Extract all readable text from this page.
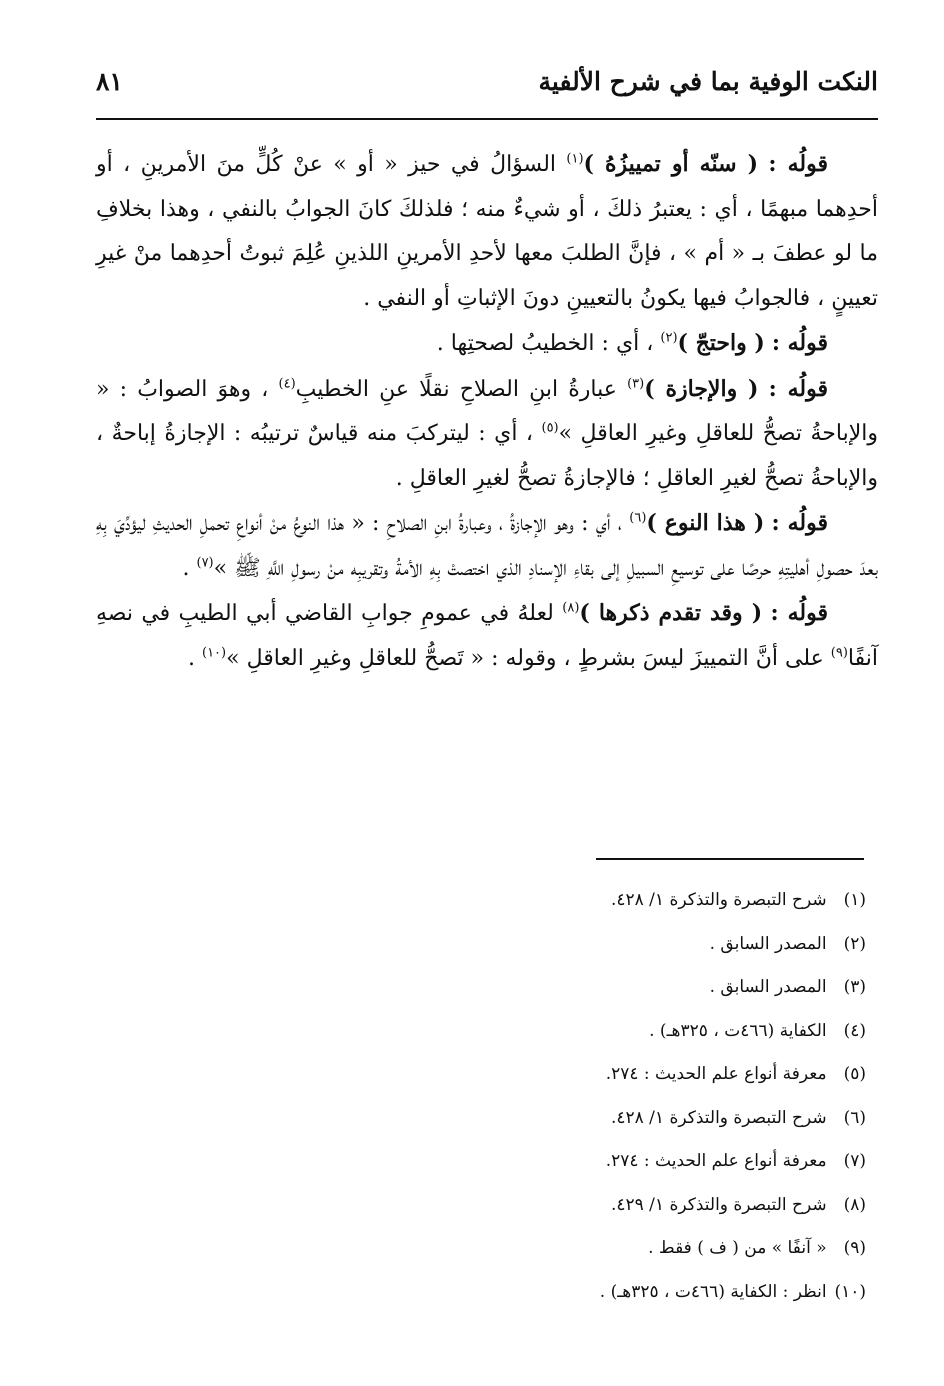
النكت الوفية بما في شرح الألفية
٨١

قولُه : ( سنّه أو تمييزُهُ )$^{(١)}$ السؤالُ في حيز « أو » عنْ كُلٍّ منَ الأمرينِ ، أو أحدِهما مبهمًا ، أي : يعتبرُ ذلكَ ، أو شيءٌ منه ؛ فلذلكَ كانَ الجوابُ بالنفي ، وهذا بخلافِ ما لو عطفَ بـ « أم » ، فإنَّ الطلبَ معها لأحدِ الأمرينِ اللذينِ عُلِمَ ثبوتُ أحدِهما منْ غيرِ تعيينٍ ، فالجوابُ فيها يكونُ بالتعيينِ دونَ الإثباتِ أو النفي .

قولُه : ( واحتجّ )$^{(٢)}$ ، أي : الخطيبُ لصحتِها .

قولُه : ( والإجازة )$^{(٣)}$ عبارةُ ابنِ الصلاحِ نقلًا عنِ الخطيبِ$^{(٤)}$ ، وهوَ الصوابُ : « والإباحةُ تصحُّ للعاقلِ وغيرِ العاقلِ »$^{(٥)}$ ، أي : ليتركبَ منه قياسٌ ترتيبُه : الإجازةُ إباحةٌ ، والإباحةُ تصحُّ لغيرِ العاقلِ ؛ فالإجازةُ تصحُّ لغيرِ العاقلِ .

قولُه : ( هذا النوع )$^{(٦)}$ ، أي : وهو الإجازةُ ، وعبارةُ ابنِ الصلاحِ : « هذا النوعُ منْ أنواعِ تحملِ الحديثِ ليؤدِّيَ بِهِ بعدَ حصولِ أهليتِهِ حرصًا على توسيعِ السبيلِ إلى بقاءِ الإسنادِ الذي اختصتْ بِهِ الأمةُ وتقريبِه منْ رسولِ اللَّهِ ﷺ »$^{(٧)}$ .

قولُه : ( وقد تقدم ذكرها )$^{(٨)}$ لعلهُ في عمومِ جوابِ القاضي أبي الطيبِ في نصهِ آنفًا$^{(٩)}$ على أنَّ التمييزَ ليسَ بشرطٍ ، وقوله : « تَصحُّ للعاقلِ وغيرِ العاقلِ »$^{(١٠)}$ .

(١) شرح التبصرة والتذكرة ١/ ٤٢٨.
(٢) المصدر السابق .
(٣) المصدر السابق .
(٤) الكفاية (٤٦٦ت ، ٣٢٥هـ) .
(٥) معرفة أنواع علم الحديث : ٢٧٤.
(٦) شرح التبصرة والتذكرة ١/ ٤٢٨.
(٧) معرفة أنواع علم الحديث : ٢٧٤.
(٨) شرح التبصرة والتذكرة ١/ ٤٢٩.
(٩) « آنفًا » من ( ف ) فقط .
(١٠) انظر : الكفاية (٤٦٦ت ، ٣٢٥هـ) .
